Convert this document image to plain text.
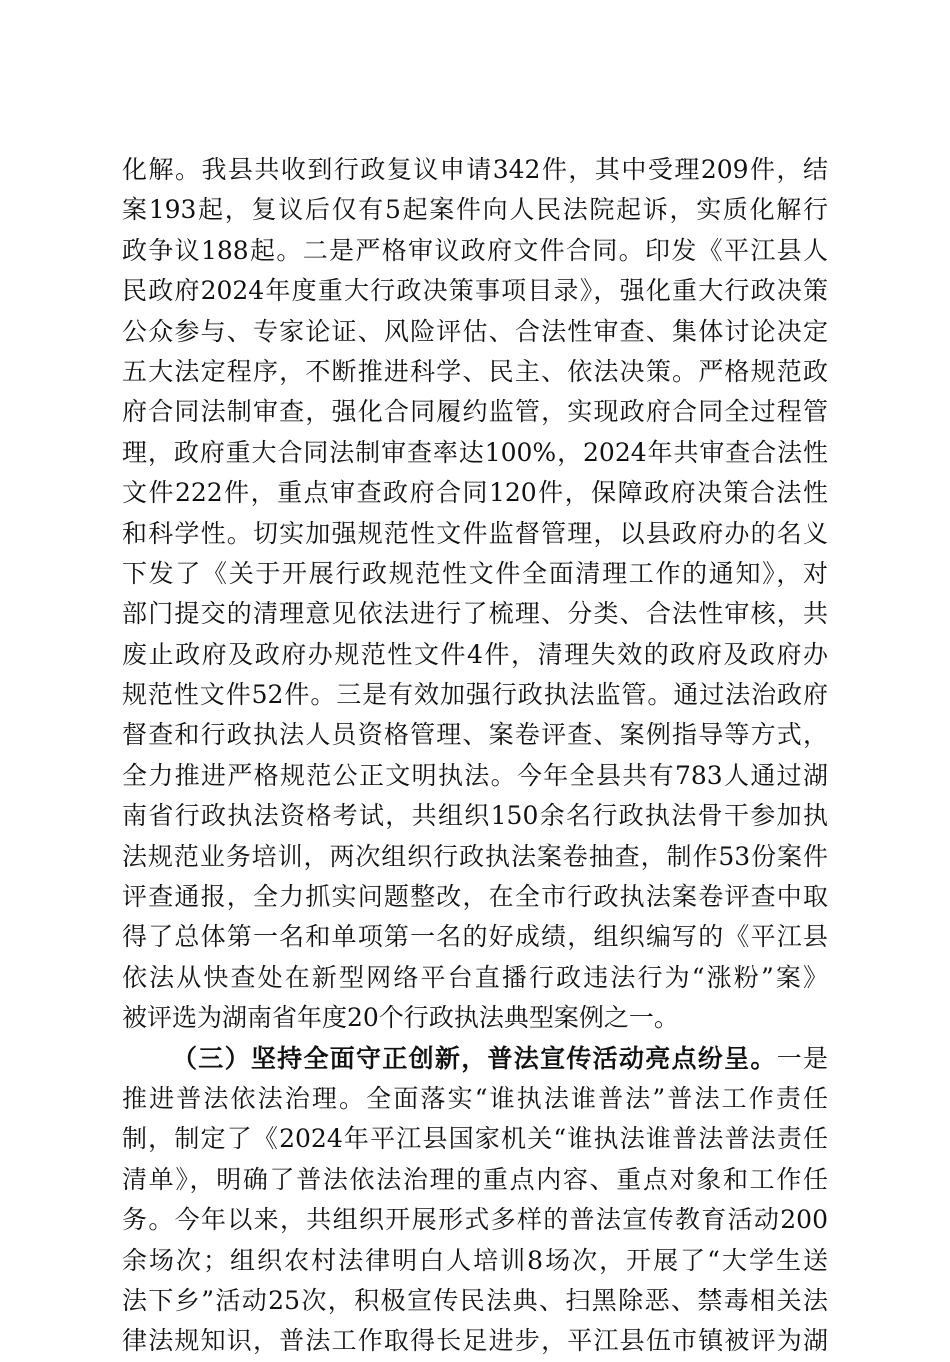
化解。我县共收到行政复议申请342件，其中受理209件，结
案193起，复议后仅有5起案件向人民法院起诉，实质化解行
政争议188起。二是严格审议政府文件合同。印发《平江县人
民政府2024年度重大行政决策事项目录》，强化重大行政决策
公众参与、专家论证、风险评估、合法性审查、集体讨论决定
五大法定程序，不断推进科学、民主、依法决策。严格规范政
府合同法制审查，强化合同履约监管，实现政府合同全过程管
理，政府重大合同法制审查率达100%，2024年共审查合法性
文件222件，重点审查政府合同120件，保障政府决策合法性
和科学性。切实加强规范性文件监督管理，以县政府办的名义
下发了《关于开展行政规范性文件全面清理工作的通知》，对
部门提交的清理意见依法进行了梳理、分类、合法性审核，共
废止政府及政府办规范性文件4件，清理失效的政府及政府办
规范性文件52件。三是有效加强行政执法监管。通过法治政府
督查和行政执法人员资格管理、案卷评查、案例指导等方式，
全力推进严格规范公正文明执法。今年全县共有783人通过湖
南省行政执法资格考试，共组织150余名行政执法骨干参加执
法规范业务培训，两次组织行政执法案卷抽查，制作53份案件
评查通报，全力抓实问题整改，在全市行政执法案卷评查中取
得了总体第一名和单项第一名的好成绩，组织编写的《平江县
依法从快查处在新型网络平台直播行政违法行为“涨粉”案》
被评选为湖南省年度20个行政执法典型案例之一。
（三）坚持全面守正创新，普法宣传活动亮点纷呈。一是
推进普法依法治理。全面落实“谁执法谁普法”普法工作责任
制，制定了《2024年平江县国家机关“谁执法谁普法普法责任
清单》，明确了普法依法治理的重点内容、重点对象和工作任
务。今年以来，共组织开展形式多样的普法宣传教育活动200
余场次；组织农村法律明白人培训8场次，开展了“大学生送
法下乡”活动25次，积极宣传民法典、扫黑除恶、禁毒相关法
律法规知识，普法工作取得长足进步，平江县伍市镇被评为湖
